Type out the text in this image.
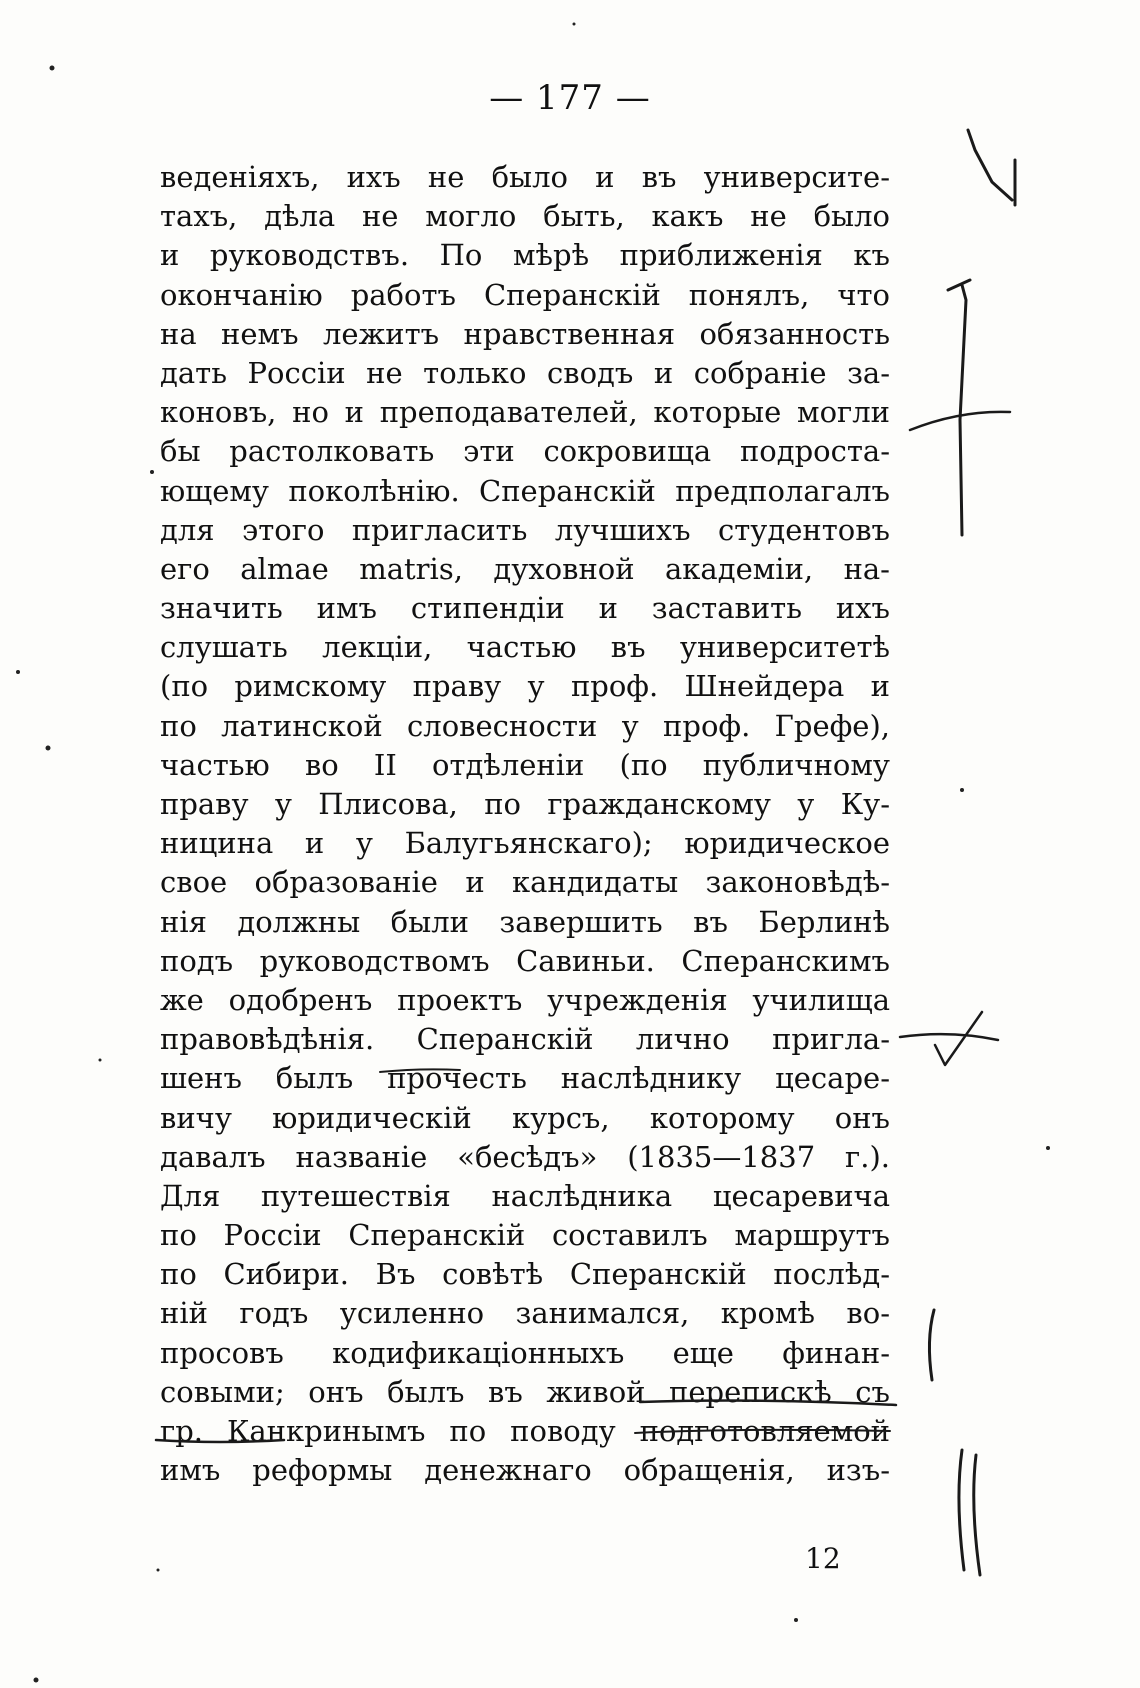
— 177 —
веденіяхъ, ихъ не было и въ университе-
тахъ, дѣла не могло быть, какъ не было
и руководствъ. По мѣрѣ приближенія къ
окончанію работъ Сперанскій понялъ, что
на немъ лежитъ нравственная обязанность
дать Россіи не только сводъ и собраніе за-
коновъ, но и преподавателей, которые могли
бы растолковать эти сокровища подроста-
ющему поколѣнію. Сперанскій предполагалъ
для этого пригласить лучшихъ студентовъ
его almae matris, духовной академіи, на-
значить имъ стипендіи и заставить ихъ
слушать лекціи, частью въ университетѣ
(по римскому праву у проф. Шнейдера и
по латинской словесности у проф. Грефе),
частью во II отдѣленіи (по публичному
праву у Плисова, по гражданскому у Ку-
ницина и у Балугьянскаго); юридическое
свое образованіе и кандидаты законовѣдѣ-
нія должны были завершить въ Берлинѣ
подъ руководствомъ Савиньи. Сперанскимъ
же одобренъ проектъ учрежденія училища
правовѣдѣнія. Сперанскій лично пригла-
шенъ былъ прочесть наслѣднику цесаре-
вичу юридическій курсъ, которому онъ
давалъ названіе «бесѣдъ» (1835—1837 г.).
Для путешествія наслѣдника цесаревича
по Россіи Сперанскій составилъ маршрутъ
по Сибири. Въ совѣтѣ Сперанскій послѣд-
ній годъ усиленно занимался, кромѣ во-
просовъ кодификаціонныхъ еще финан-
совыми; онъ былъ въ живой перепискѣ съ
гр. Канкринымъ по поводу подготовляемой
имъ реформы денежнаго обращенія, изъ-
12
